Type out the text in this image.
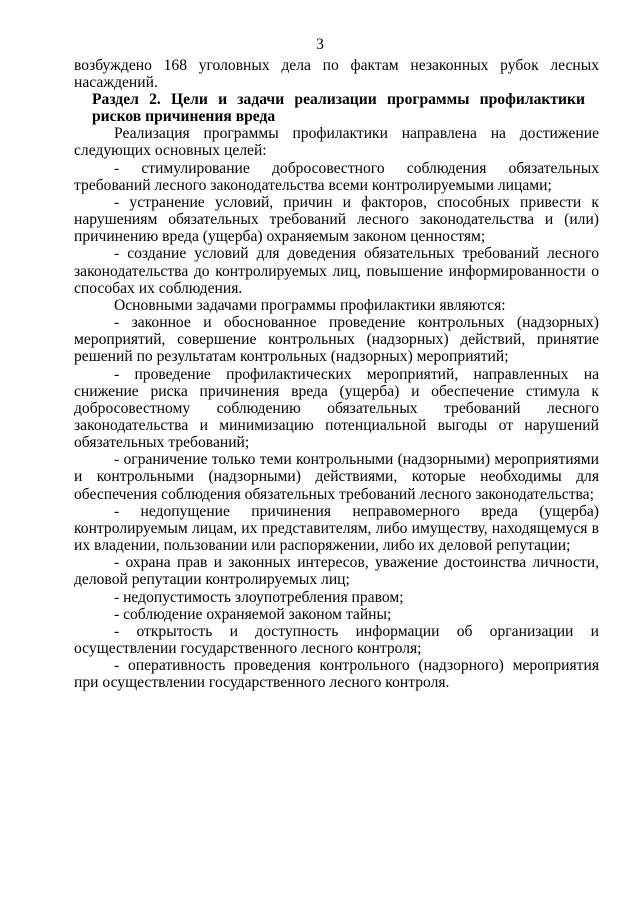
3

возбуждено 168 уголовных дела по фактам незаконных рубок лесных насаждений.

Раздел 2. Цели и задачи реализации программы профилактики рисков причинения вреда

Реализация программы профилактики направлена на достижение следующих основных целей:

- стимулирование добросовестного соблюдения обязательных требований лесного законодательства всеми контролируемыми лицами;

- устранение условий, причин и факторов, способных привести к нарушениям обязательных требований лесного законодательства и (или) причинению вреда (ущерба) охраняемым законом ценностям;

- создание условий для доведения обязательных требований лесного законодательства до контролируемых лиц, повышение информированности о способах их соблюдения.

Основными задачами программы профилактики являются:

- законное и обоснованное проведение контрольных (надзорных) мероприятий, совершение контрольных (надзорных) действий, принятие решений по результатам контрольных (надзорных) мероприятий;

- проведение профилактических мероприятий, направленных на снижение риска причинения вреда (ущерба) и обеспечение стимула к добросовестному соблюдению обязательных требований лесного законодательства и минимизацию потенциальной выгоды от нарушений обязательных требований;

- ограничение только теми контрольными (надзорными) мероприятиями и контрольными (надзорными) действиями, которые необходимы для обеспечения соблюдения обязательных требований лесного законодательства;

- недопущение причинения неправомерного вреда (ущерба) контролируемым лицам, их представителям, либо имуществу, находящемуся в их владении, пользовании или распоряжении, либо их деловой репутации;

- охрана прав и законных интересов, уважение достоинства личности, деловой репутации контролируемых лиц;

- недопустимость злоупотребления правом;

- соблюдение охраняемой законом тайны;

- открытость и доступность информации об организации и осуществлении государственного лесного контроля;

- оперативность проведения контрольного (надзорного) мероприятия при осуществлении государственного лесного контроля.
